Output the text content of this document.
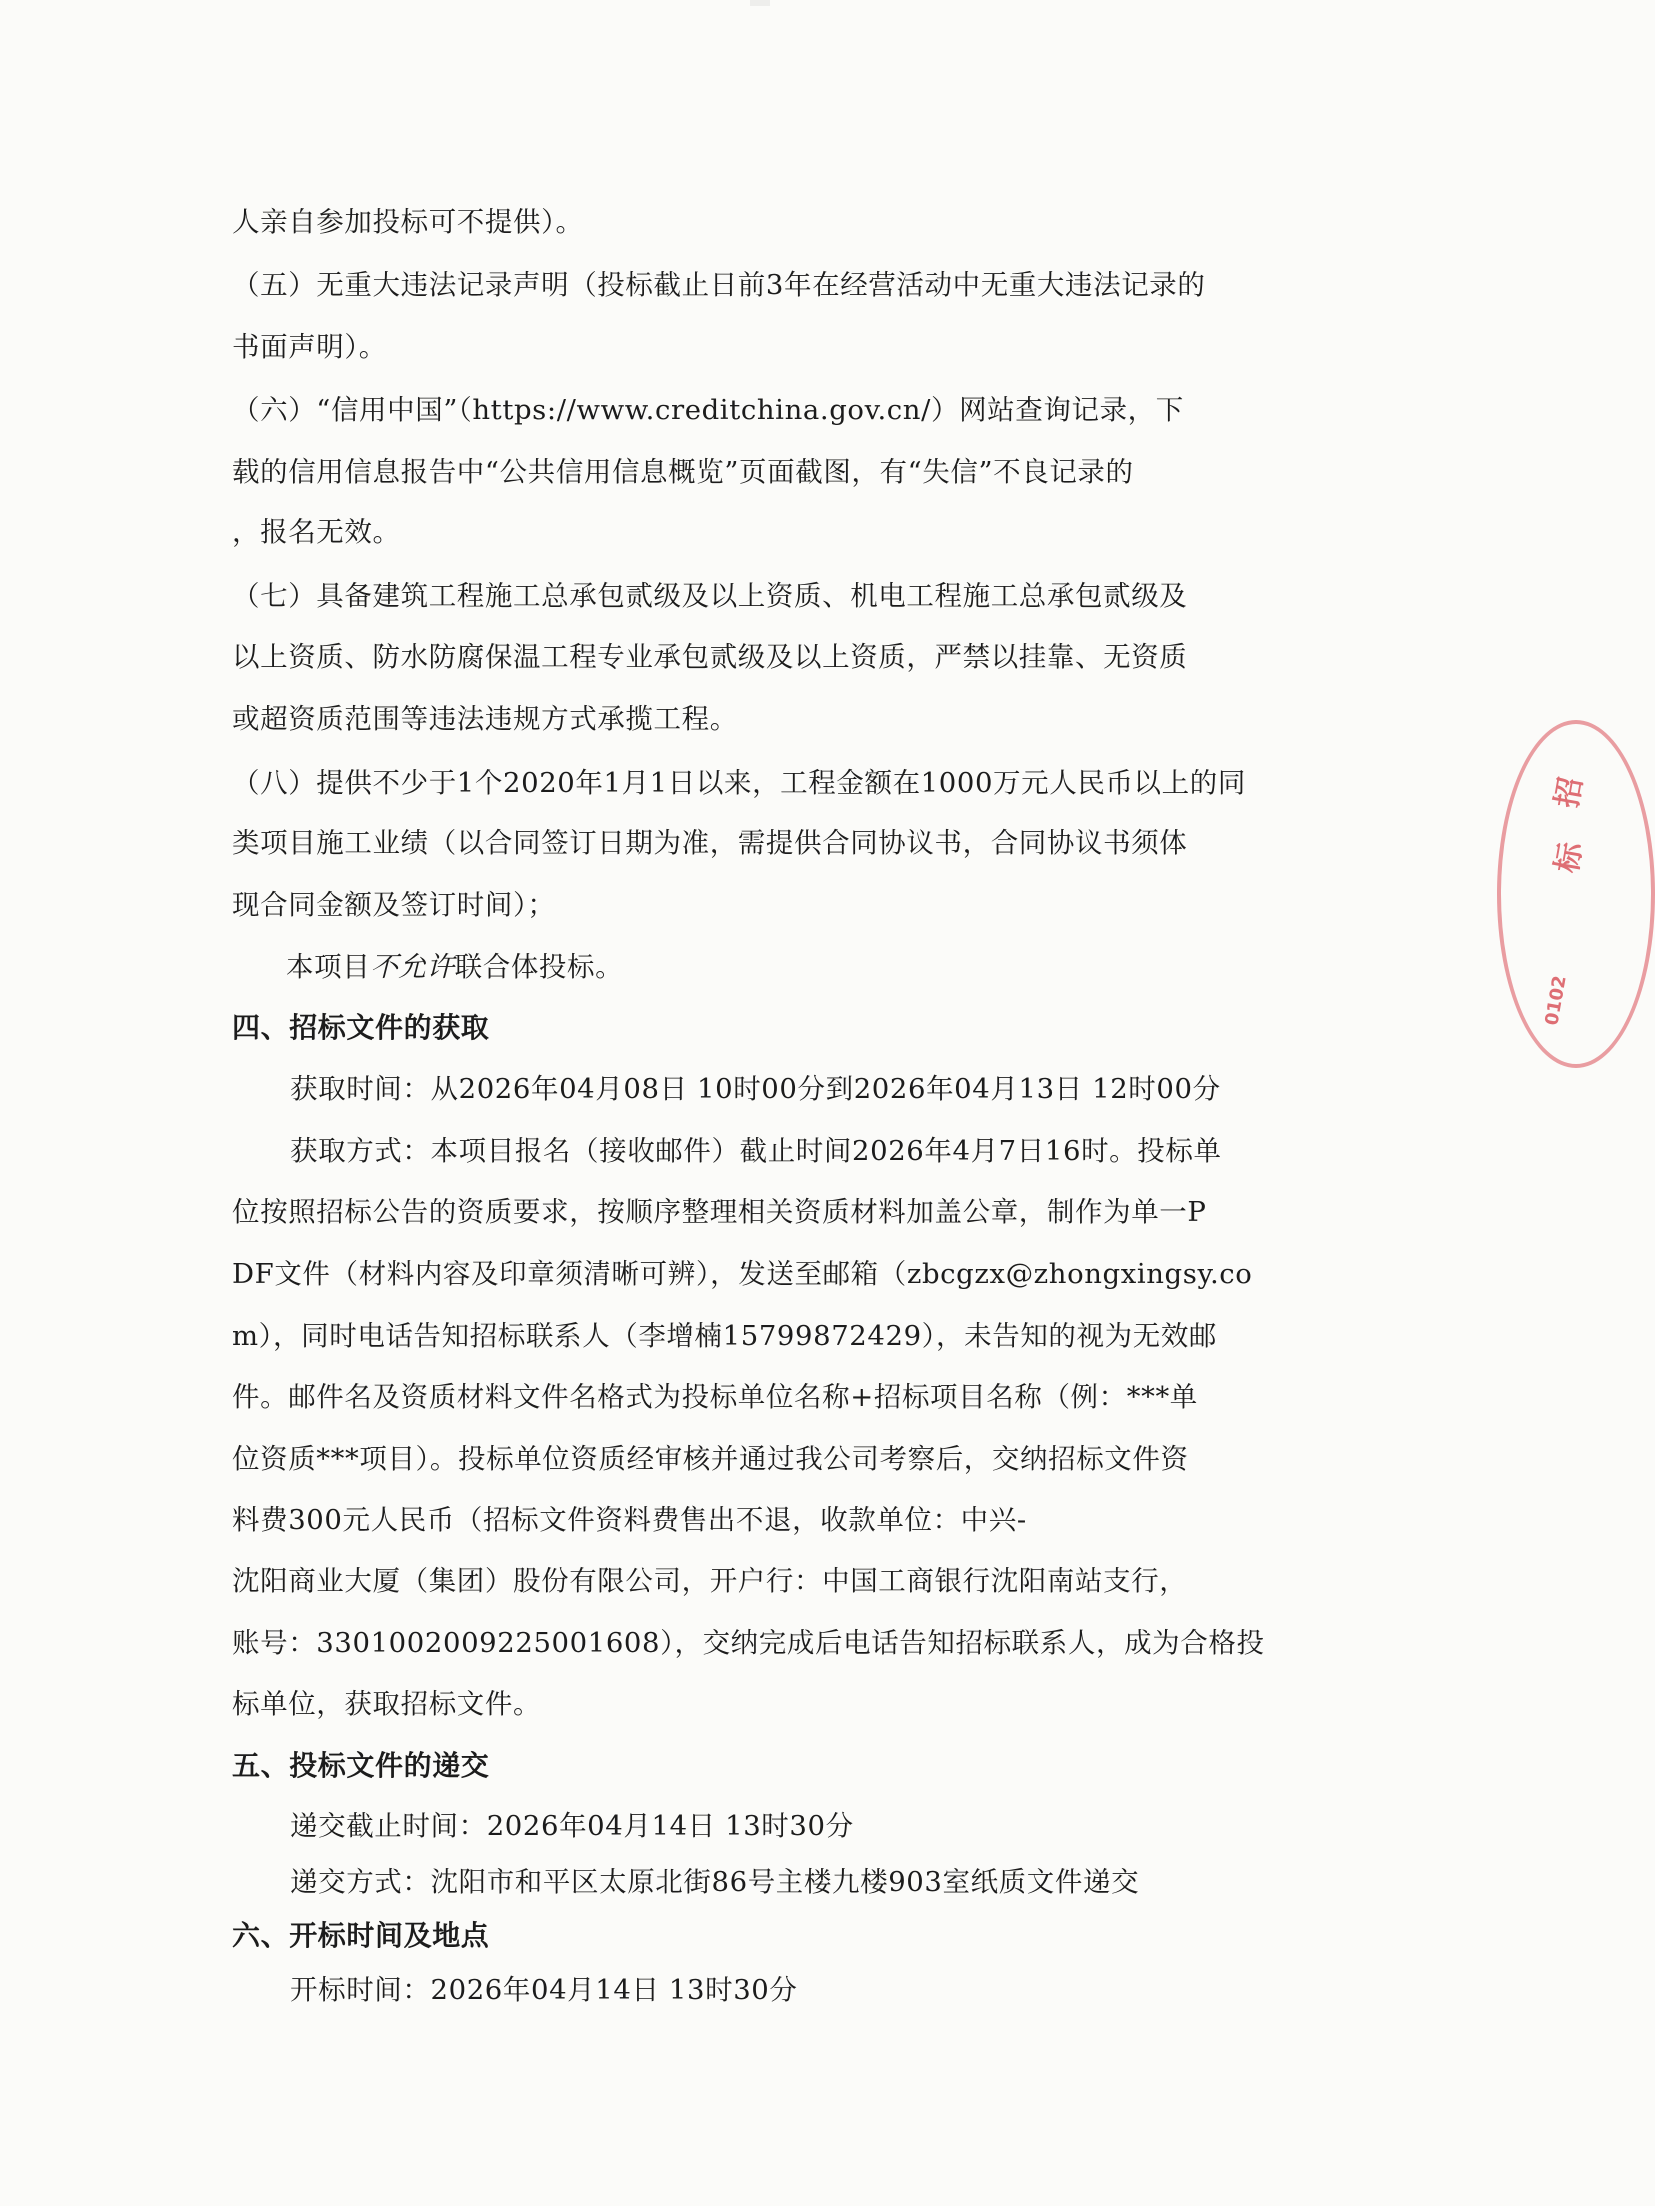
人亲自参加投标可不提供）。
（五）无重大违法记录声明（投标截止日前3年在经营活动中无重大违法记录的
书面声明）。
（六）“信用中国”（https://www.creditchina.gov.cn/）网站查询记录，下
载的信用信息报告中“公共信用信息概览”页面截图，有“失信”不良记录的
，报名无效。
（七）具备建筑工程施工总承包贰级及以上资质、机电工程施工总承包贰级及
以上资质、防水防腐保温工程专业承包贰级及以上资质，严禁以挂靠、无资质
或超资质范围等违法违规方式承揽工程。
（八）提供不少于1个2020年1月1日以来，工程金额在1000万元人民币以上的同
类项目施工业绩（以合同签订日期为准，需提供合同协议书，合同协议书须体
现合同金额及签订时间）；
本项目不允许联合体投标。
四、招标文件的获取
获取时间：从2026年04月08日 10时00分到2026年04月13日 12时00分
获取方式：本项目报名（接收邮件）截止时间2026年4月7日16时。投标单
位按照招标公告的资质要求，按顺序整理相关资质材料加盖公章，制作为单一P
DF文件（材料内容及印章须清晰可辨），发送至邮箱（zbcgzx@zhongxingsy.co
m），同时电话告知招标联系人（李增楠15799872429），未告知的视为无效邮
件。邮件名及资质材料文件名格式为投标单位名称+招标项目名称（例：***单
位资质***项目）。投标单位资质经审核并通过我公司考察后，交纳招标文件资
料费300元人民币（招标文件资料费售出不退，收款单位：中兴-
沈阳商业大厦（集团）股份有限公司，开户行：中国工商银行沈阳南站支行，
账号：3301002009225001608），交纳完成后电话告知招标联系人，成为合格投
标单位，获取招标文件。
五、投标文件的递交
递交截止时间：2026年04月14日 13时30分
递交方式：沈阳市和平区太原北街86号主楼九楼903室纸质文件递交
六、开标时间及地点
开标时间：2026年04月14日 13时30分
招
标
0102
